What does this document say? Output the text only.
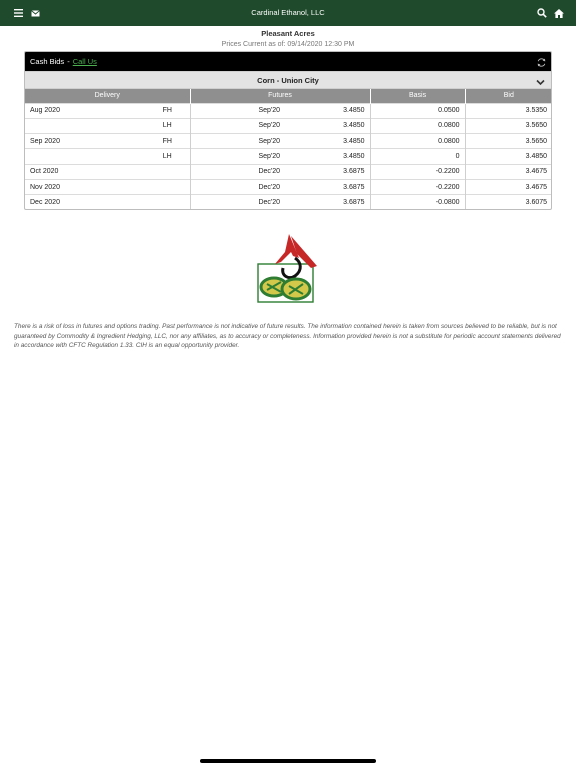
Cardinal Ethanol, LLC
Pleasant Acres
Prices Current as of: 09/14/2020 12:30 PM
Cash Bids - Call Us
Corn - Union City
Delivery		Futures		Basis	Bid
Aug 2020	FH	Sep'20	3.4850	0.0500	3.5350
	LH	Sep'20	3.4850	0.0800	3.5650
Sep 2020	FH	Sep'20	3.4850	0.0800	3.5650
	LH	Sep'20	3.4850	0	3.4850
Oct 2020		Dec'20	3.6875	-0.2200	3.4675
Nov 2020		Dec'20	3.6875	-0.2200	3.4675
Dec 2020		Dec'20	3.6875	-0.0800	3.6075
There is a risk of loss in futures and options trading. Past performance is not indicative of future results. The information contained herein is taken from sources believed to be reliable, but is not guaranteed by Commodity & Ingredient Hedging, LLC, nor any affiliates, as to accuracy or completeness. Information provided herein is not a substitute for periodic account statements delivered in accordance with CFTC Regulation 1.33. CIH is an equal opportunity provider.
